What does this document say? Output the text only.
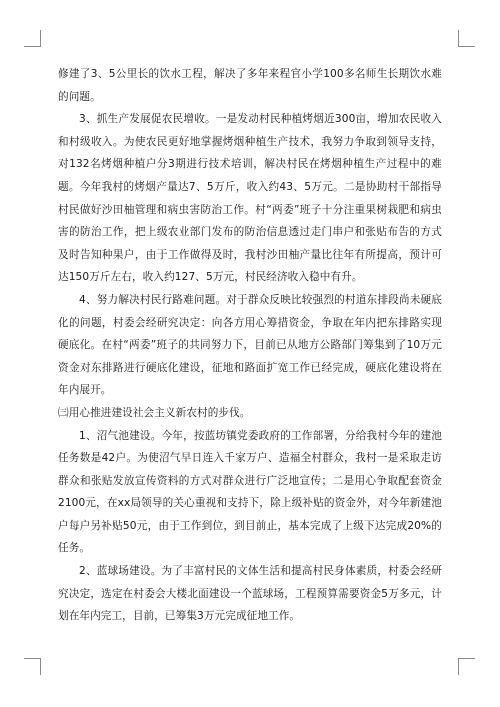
修建了3、5公里长的饮水工程，解决了多年来程官小学100多名师生长期饮水难的问题。

3、抓生产发展促农民增收。一是发动村民种植烤烟近300亩，增加农民收入和村级收入。为使农民更好地掌握烤烟种植生产技术，我努力争取到领导支持，对132名烤烟种植户分3期进行技术培训，解决村民在烤烟种植生产过程中的难题。今年我村的烤烟产量达7、5万斤，收入约43、5万元。二是协助村干部指导村民做好沙田柚管理和病虫害防治工作。村“两委”班子十分注重果树栽肥和病虫害的防治工作，把上级农业部门发布的防治信息透过走门串户和张贴布告的方式及时告知种果户，由于工作做得及时，我村沙田柚产量比往年有所提高，预计可达150万斤左右，收入约127、5万元，村民经济收入稳中有升。

4、努力解决村民行路难问题。对于群众反映比较强烈的村道东排段尚未硬底化的问题，村委会经研究决定：向各方用心筹措资金，争取在年内把东排路实现硬底化。在村“两委”班子的共同努力下，目前已从地方公路部门筹集到了10万元资金对东排路进行硬底化建设，征地和路面扩宽工作已经完成，硬底化建设将在年内展开。

㈢用心推进建设社会主义新农村的步伐。

1、沼气池建设。今年，按蓝坊镇党委政府的工作部署，分给我村今年的建池任务数是42户。为使沼气早日连入千家万户、造福全村群众，我村一是采取走访群众和张贴发放宣传资料的方式对群众进行广泛地宣传；二是用心争取配套资金2100元，在xx局领导的关心重视和支持下，除上级补贴的资金外，对今年新建池户每户另补贴50元，由于工作到位，到目前止，基本完成了上级下达完成20%的任务。

2、蓝球场建设。为了丰富村民的文体生活和提高村民身体素质，村委会经研究决定，选定在村委会大楼北面建设一个蓝球场，工程预算需要资金5万多元，计划在年内完工，目前，已筹集3万元完成征地工作。
